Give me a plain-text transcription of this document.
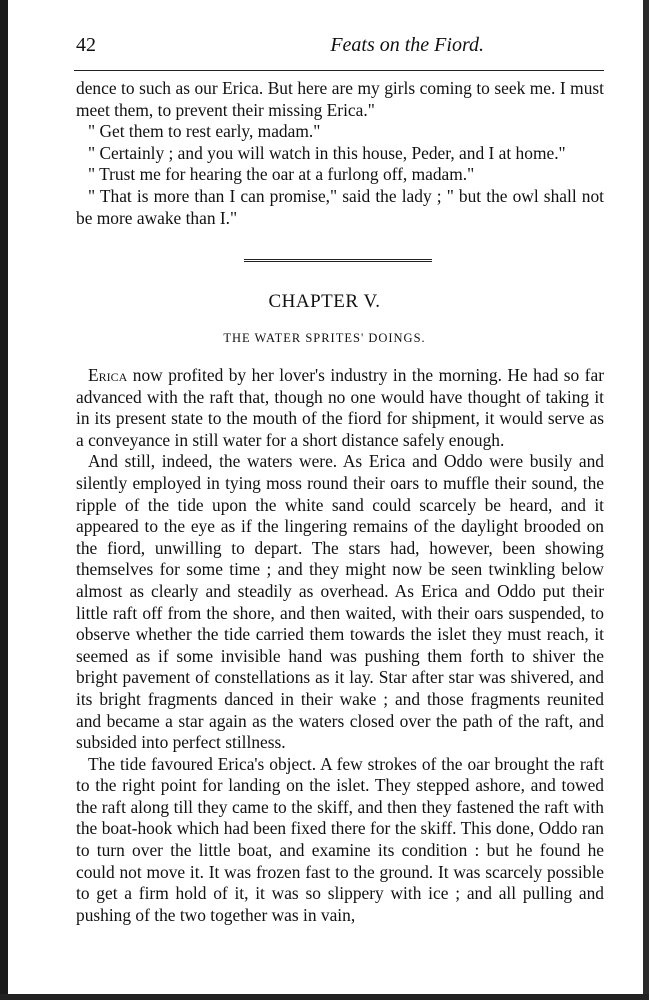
42	Feats on the Fiord.

dence to such as our Erica. But here are my girls coming to seek me. I must meet them, to prevent their missing Erica."

" Get them to rest early, madam."

" Certainly ; and you will watch in this house, Peder, and I at home."

" Trust me for hearing the oar at a furlong off, madam."

" That is more than I can promise," said the lady ; " but the owl shall not be more awake than I."

CHAPTER V.
THE WATER SPRITES' DOINGS.

Erica now profited by her lover's industry in the morning. He had so far advanced with the raft that, though no one would have thought of taking it in its present state to the mouth of the fiord for shipment, it would serve as a conveyance in still water for a short distance safely enough.

And still, indeed, the waters were. As Erica and Oddo were busily and silently employed in tying moss round their oars to muffle their sound, the ripple of the tide upon the white sand could scarcely be heard, and it appeared to the eye as if the lingering remains of the daylight brooded on the fiord, unwilling to depart. The stars had, however, been showing themselves for some time ; and they might now be seen twinkling below almost as clearly and steadily as overhead. As Erica and Oddo put their little raft off from the shore, and then waited, with their oars suspended, to observe whether the tide carried them towards the islet they must reach, it seemed as if some invisible hand was pushing them forth to shiver the bright pavement of constellations as it lay. Star after star was shivered, and its bright fragments danced in their wake ; and those fragments reunited and became a star again as the waters closed over the path of the raft, and subsided into perfect stillness.

The tide favoured Erica's object. A few strokes of the oar brought the raft to the right point for landing on the islet. They stepped ashore, and towed the raft along till they came to the skiff, and then they fastened the raft with the boat-hook which had been fixed there for the skiff. This done, Oddo ran to turn over the little boat, and examine its condition : but he found he could not move it. It was frozen fast to the ground. It was scarcely possible to get a firm hold of it, it was so slippery with ice ; and all pulling and pushing of the two together was in vain,
